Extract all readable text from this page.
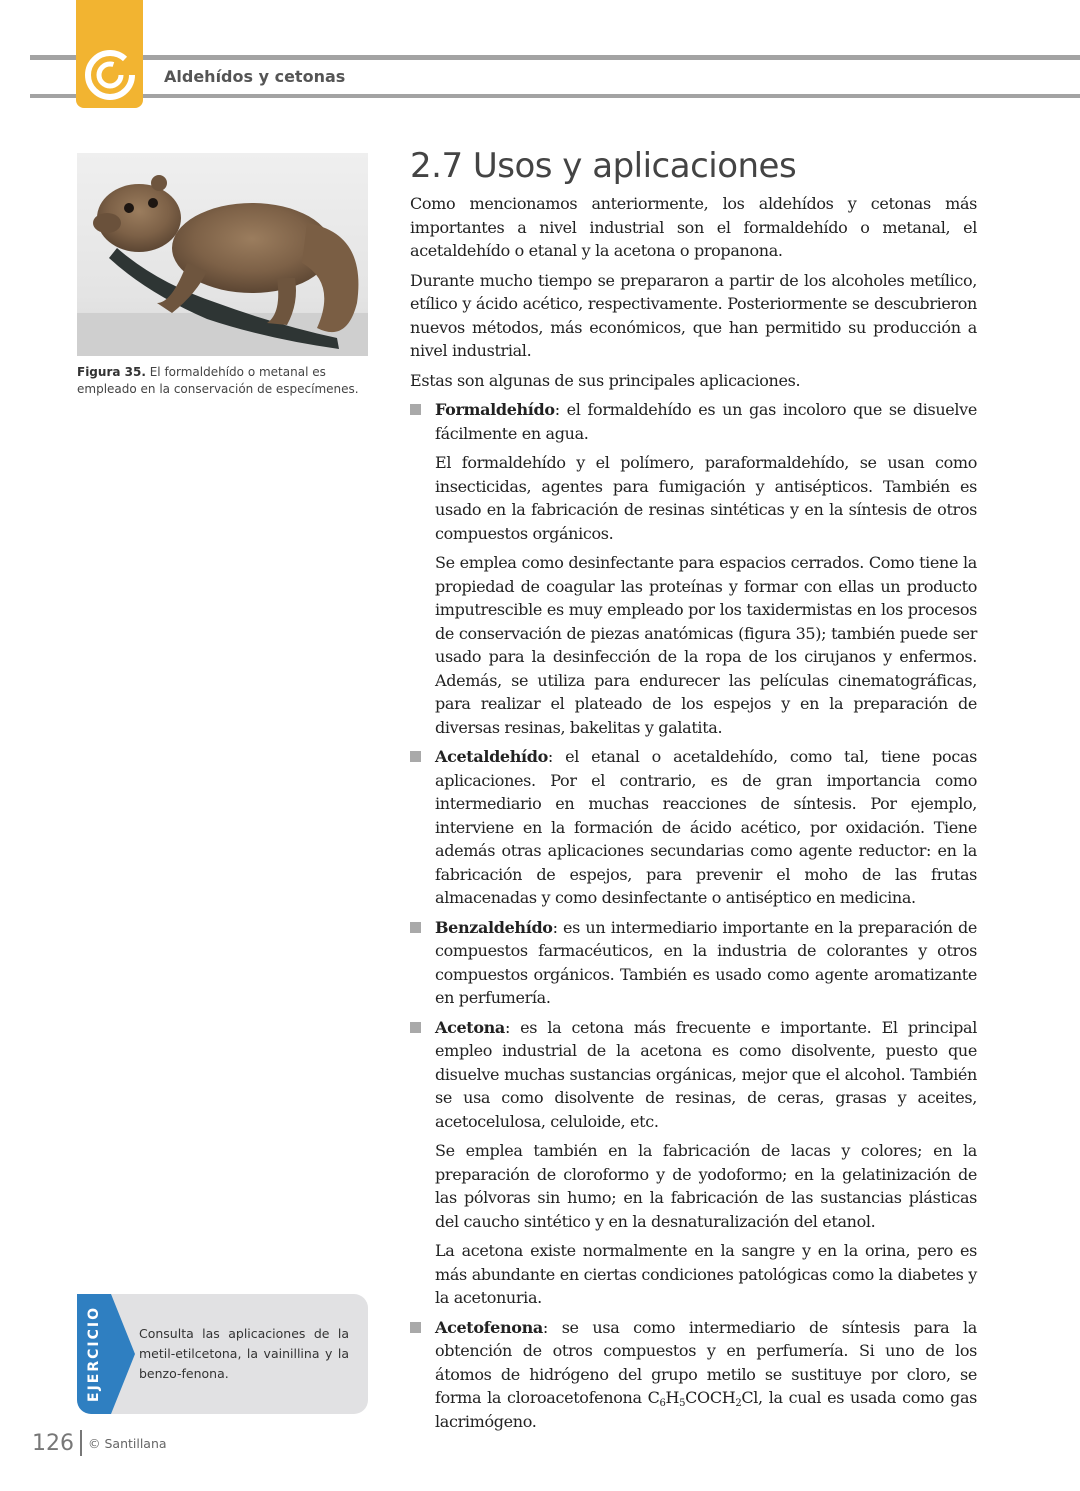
Aldehídos y cetonas
Figura 35. El formaldehído o metanal es empleado en la conservación de especímenes.
EJERCICIO	Consulta las aplicaciones de la metil-etilcetona, la vainillina y la benzo-fenona.
126 © Santillana
2.7 Usos y aplicaciones

Como mencionamos anteriormente, los aldehídos y cetonas más importantes a nivel industrial son el formaldehído o metanal, el acetaldehído o etanal y la acetona o propanona.

Durante mucho tiempo se prepararon a partir de los alcoholes metílico, etílico y ácido acético, respectivamente. Posteriormente se descubrieron nuevos métodos, más económicos, que han permitido su producción a nivel industrial.

Estas son algunas de sus principales aplicaciones.

Formaldehído: el formaldehído es un gas incoloro que se disuelve fácilmente en agua.

El formaldehído y el polímero, paraformaldehído, se usan como insecticidas, agentes para fumigación y antisépticos. También es usado en la fabricación de resinas sintéticas y en la síntesis de otros compuestos orgánicos.

Se emplea como desinfectante para espacios cerrados. Como tiene la propiedad de coagular las proteínas y formar con ellas un producto imputrescible es muy empleado por los taxidermistas en los procesos de conservación de piezas anatómicas (figura 35); también puede ser usado para la desinfección de la ropa de los cirujanos y enfermos. Además, se utiliza para endurecer las películas cinematográficas, para realizar el plateado de los espejos y en la preparación de diversas resinas, bakelitas y galatita.

Acetaldehído: el etanal o acetaldehído, como tal, tiene pocas aplicaciones. Por el contrario, es de gran importancia como intermediario en muchas reacciones de síntesis. Por ejemplo, interviene en la formación de ácido acético, por oxidación. Tiene además otras aplicaciones secundarias como agente reductor: en la fabricación de espejos, para prevenir el moho de las frutas almacenadas y como desinfectante o antiséptico en medicina.

Benzaldehído: es un intermediario importante en la preparación de compuestos farmacéuticos, en la industria de colorantes y otros compuestos orgánicos. También es usado como agente aromatizante en perfumería.

Acetona: es la cetona más frecuente e importante. El principal empleo industrial de la acetona es como disolvente, puesto que disuelve muchas sustancias orgánicas, mejor que el alcohol. También se usa como disolvente de resinas, de ceras, grasas y aceites, acetocelulosa, celuloide, etc.

Se emplea también en la fabricación de lacas y colores; en la preparación de cloroformo y de yodoformo; en la gelatinización de las pólvoras sin humo; en la fabricación de las sustancias plásticas del caucho sintético y en la desnaturalización del etanol.

La acetona existe normalmente en la sangre y en la orina, pero es más abundante en ciertas condiciones patológicas como la diabetes y la acetonuria.

Acetofenona: se usa como intermediario de síntesis para la obtención de otros compuestos y en perfumería. Si uno de los átomos de hidrógeno del grupo metilo se sustituye por cloro, se forma la cloroacetofenona $C_6H_5COCH_2Cl$, la cual es usada como gas lacrimógeno.
